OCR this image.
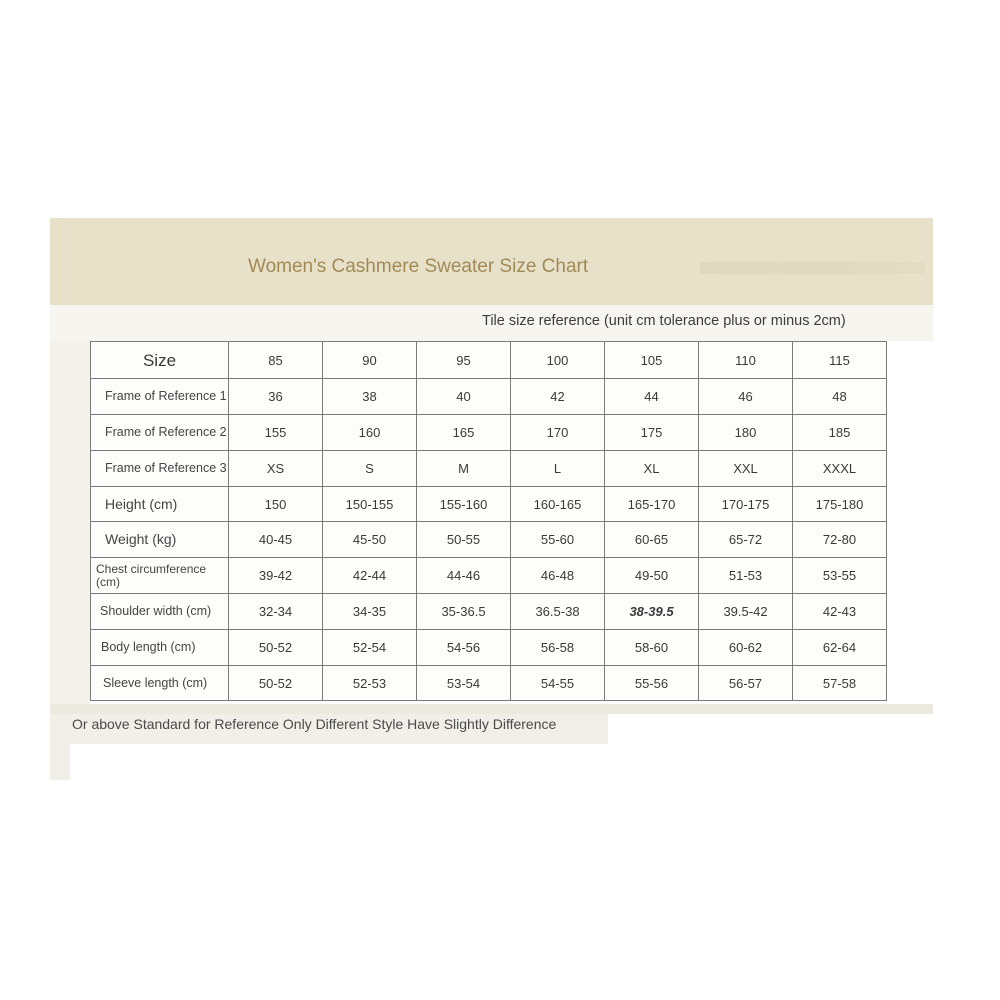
Women's Cashmere Sweater Size Chart
Tile size reference (unit cm tolerance plus or minus 2cm)
Size	85	90	95	100	105	110	115
Frame of Reference 1	36	38	40	42	44	46	48
Frame of Reference 2	155	160	165	170	175	180	185
Frame of Reference 3	XS	S	M	L	XL	XXL	XXXL
Height (cm)	150	150-155	155-160	160-165	165-170	170-175	175-180
Weight (kg)	40-45	45-50	50-55	55-60	60-65	65-72	72-80
Chest circumference (cm)	39-42	42-44	44-46	46-48	49-50	51-53	53-55
Shoulder width (cm)	32-34	34-35	35-36.5	36.5-38	38-39.5	39.5-42	42-43
Body length (cm)	50-52	52-54	54-56	56-58	58-60	60-62	62-64
Sleeve length (cm)	50-52	52-53	53-54	54-55	55-56	56-57	57-58
Or above Standard for Reference Only Different Style Have Slightly Difference
